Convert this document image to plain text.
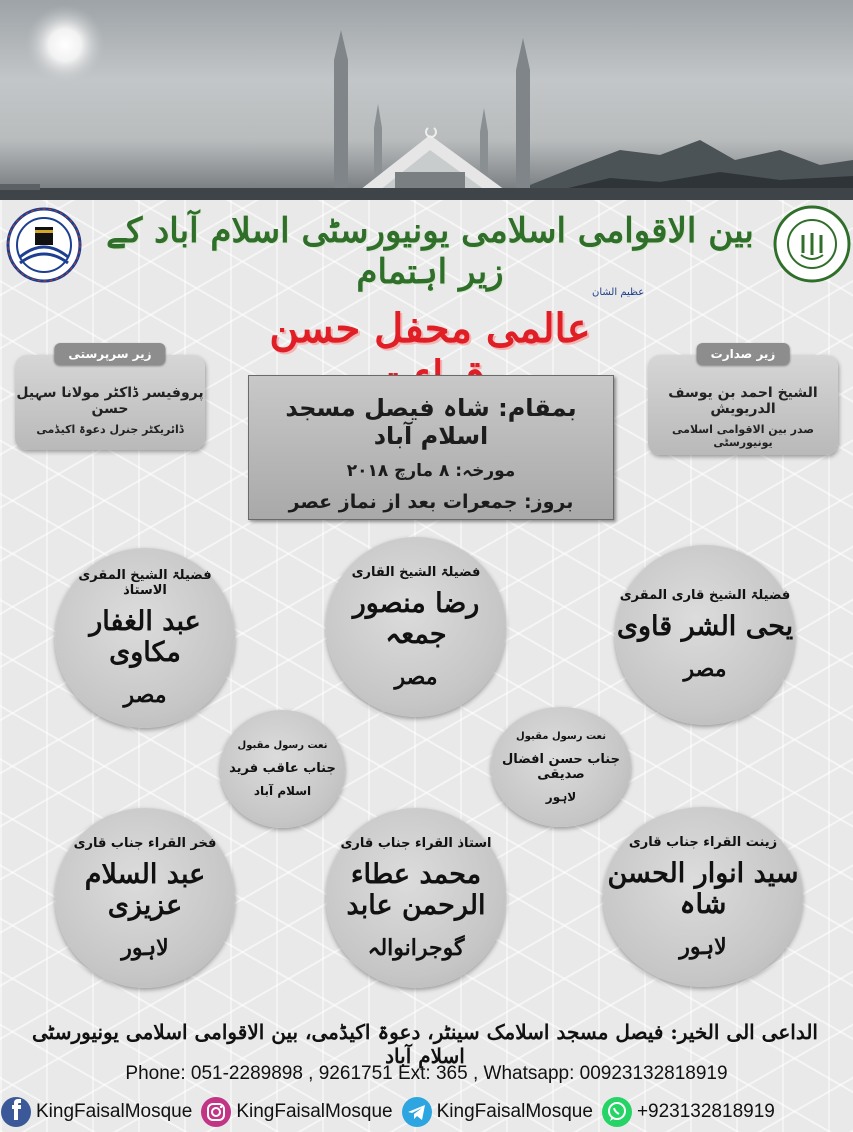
بین الاقوامی اسلامی یونیورسٹی اسلام آباد کے زیر اہتمام
عظیم الشان
عالمی محفل حسن
زیر سرپرستی
پروفیسر ڈاکٹر مولانا سہیل حسن
ڈائریکٹر جنرل دعوۃ اکیڈمی
زیر صدارت
الشیخ احمد بن یوسف الدریویش
صدر بین الاقوامی اسلامی یونیورسٹی
بمقام: شاہ فیصل مسجد اسلام آباد
مورخہ: ۸ مارچ ۲۰۱۸
بروز: جمعرات بعد از نماز عصر
فضیلۃ الشیخ المقری الاستاذ
عبد الغفار مکاوی
مصر
فضیلۃ الشیخ القاری
رضا منصور جمعہ
مصر
فضیلۃ الشیخ قاری المقری
یحی الشر قاوی
مصر
نعت رسول مقبول
جناب عاقب فرید
اسلام آباد
نعت رسول مقبول
جناب حسن افضال صدیقی
لاہور
فخر القراء جناب قاری
عبد السلام عزیزی
لاہور
استاذ القراء جناب قاری
محمد عطاء الرحمن عابد
گوجرانوالہ
زینت القراء جناب قاری
سید انوار الحسن شاہ
لاہور
الداعی الی الخیر: فیصل مسجد اسلامک سینٹر، دعوۃ اکیڈمی، بین الاقوامی اسلامی یونیورسٹی اسلام آباد
Phone: 051-2289898 , 9261751 Ext: 365 , Whatsapp: 00923132818919
KingFaisalMosque KingFaisalMosque KingFaisalMosque +923132818919
